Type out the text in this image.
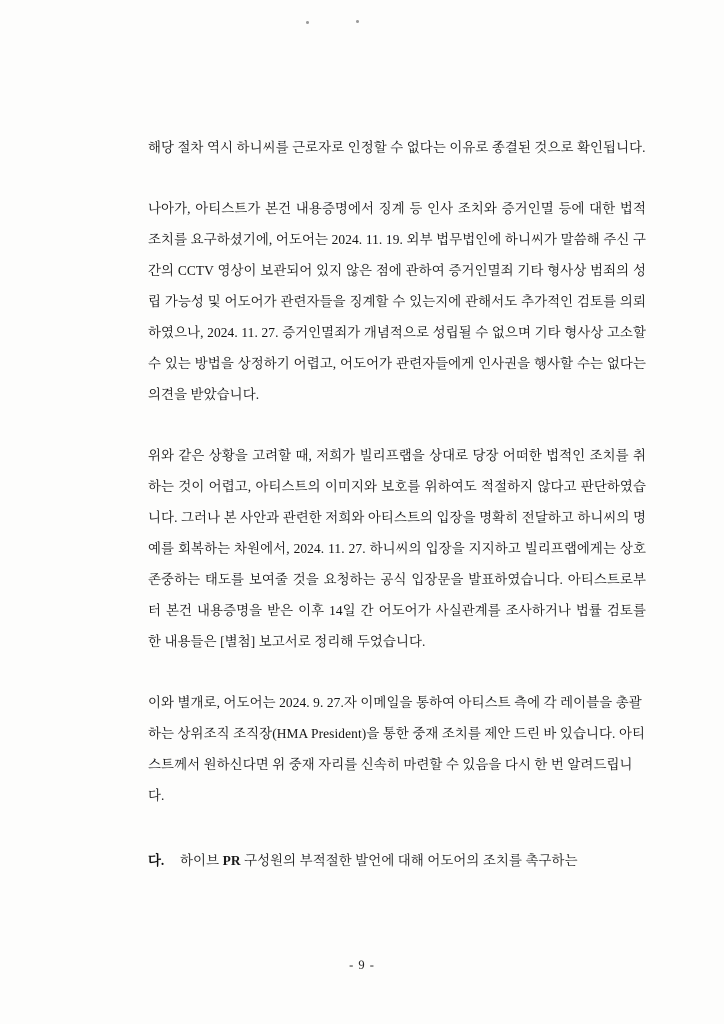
해당 절차 역시 하니씨를 근로자로 인정할 수 없다는 이유로 종결된 것으로 확인됩니다.

나아가, 아티스트가 본건 내용증명에서 징계 등 인사 조치와 증거인멸 등에 대한 법적 조치를 요구하셨기에, 어도어는 2024. 11. 19. 외부 법무법인에 하니씨가 말씀해 주신 구간의 CCTV 영상이 보관되어 있지 않은 점에 관하여 증거인멸죄 기타 형사상 범죄의 성립 가능성 및 어도어가 관련자들을 징계할 수 있는지에 관해서도 추가적인 검토를 의뢰하였으나, 2024. 11. 27. 증거인멸죄가 개념적으로 성립될 수 없으며 기타 형사상 고소할 수 있는 방법을 상정하기 어렵고, 어도어가 관련자들에게 인사권을 행사할 수는 없다는 의견을 받았습니다.

위와 같은 상황을 고려할 때, 저희가 빌리프랩을 상대로 당장 어떠한 법적인 조치를 취하는 것이 어렵고, 아티스트의 이미지와 보호를 위하여도 적절하지 않다고 판단하였습니다. 그러나 본 사안과 관련한 저희와 아티스트의 입장을 명확히 전달하고 하니씨의 명예를 회복하는 차원에서, 2024. 11. 27. 하니씨의 입장을 지지하고 빌리프랩에게는 상호 존중하는 태도를 보여줄 것을 요청하는 공식 입장문을 발표하였습니다. 아티스트로부터 본건 내용증명을 받은 이후 14일 간 어도어가 사실관계를 조사하거나 법률 검토를 한 내용들은 [별첨] 보고서로 정리해 두었습니다.

이와 별개로, 어도어는 2024. 9. 27.자 이메일을 통하여 아티스트 측에 각 레이블을 총괄하는 상위조직 조직장(HMA President)을 통한 중재 조치를 제안 드린 바 있습니다. 아티스트께서 원하신다면 위 중재 자리를 신속히 마련할 수 있음을 다시 한 번 알려드립니다.

다.	하이브 PR 구성원의 부적절한 발언에 대해 어도어의 조치를 촉구하는
- 9 -
